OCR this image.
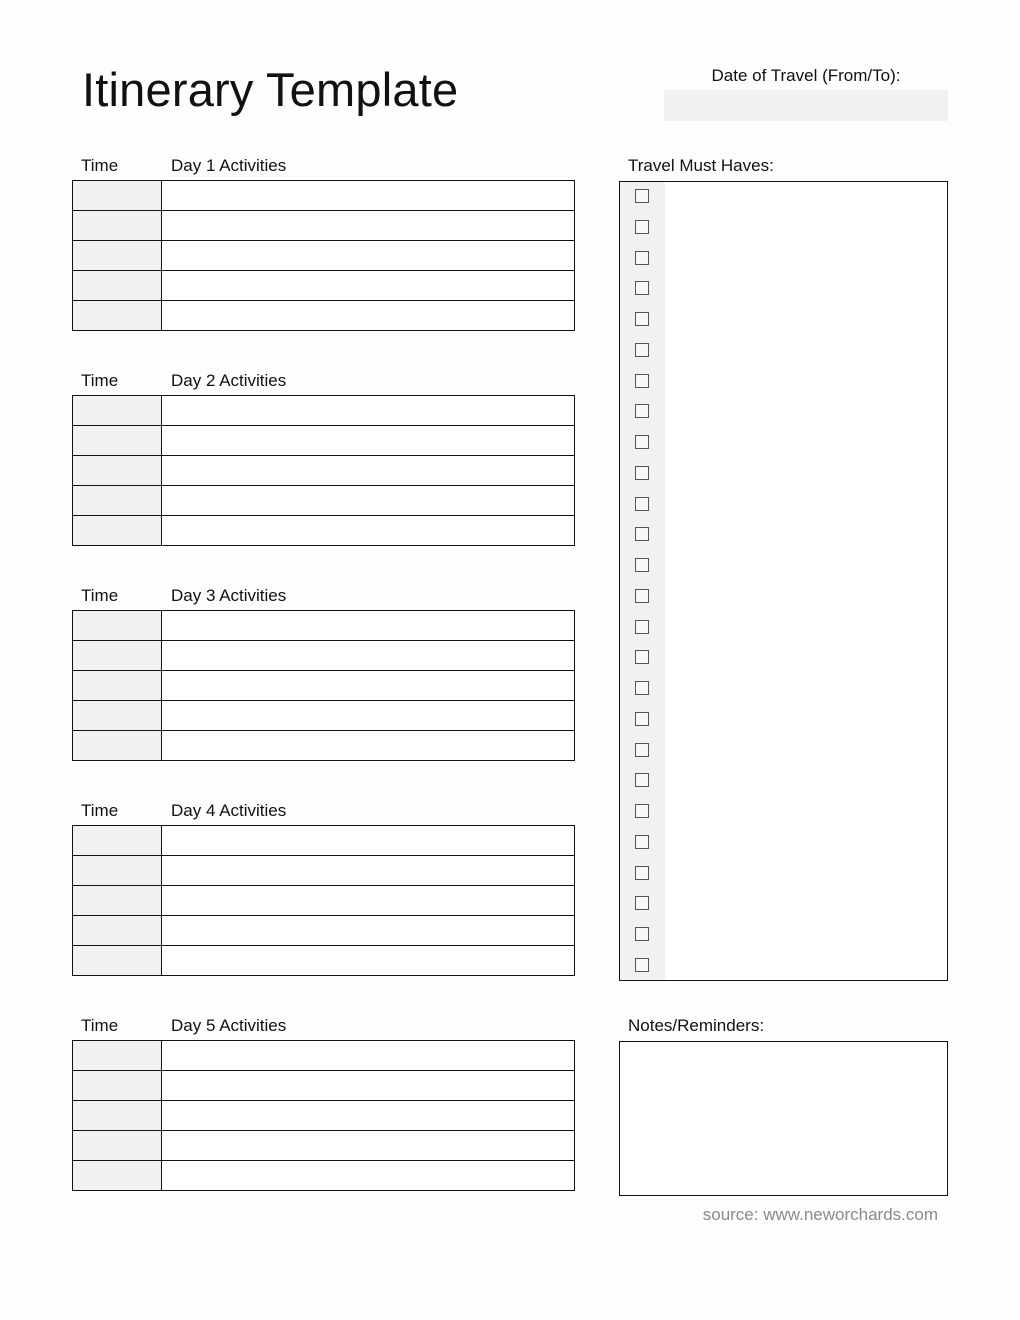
Itinerary Template	Date of Travel (From/To):
Time	Day 1 Activities

Time	Day 2 Activities

Time	Day 3 Activities

Time	Day 4 Activities

Time	Day 5 Activities

Travel Must Haves:
Notes/Reminders:
source: www.neworchards.com
